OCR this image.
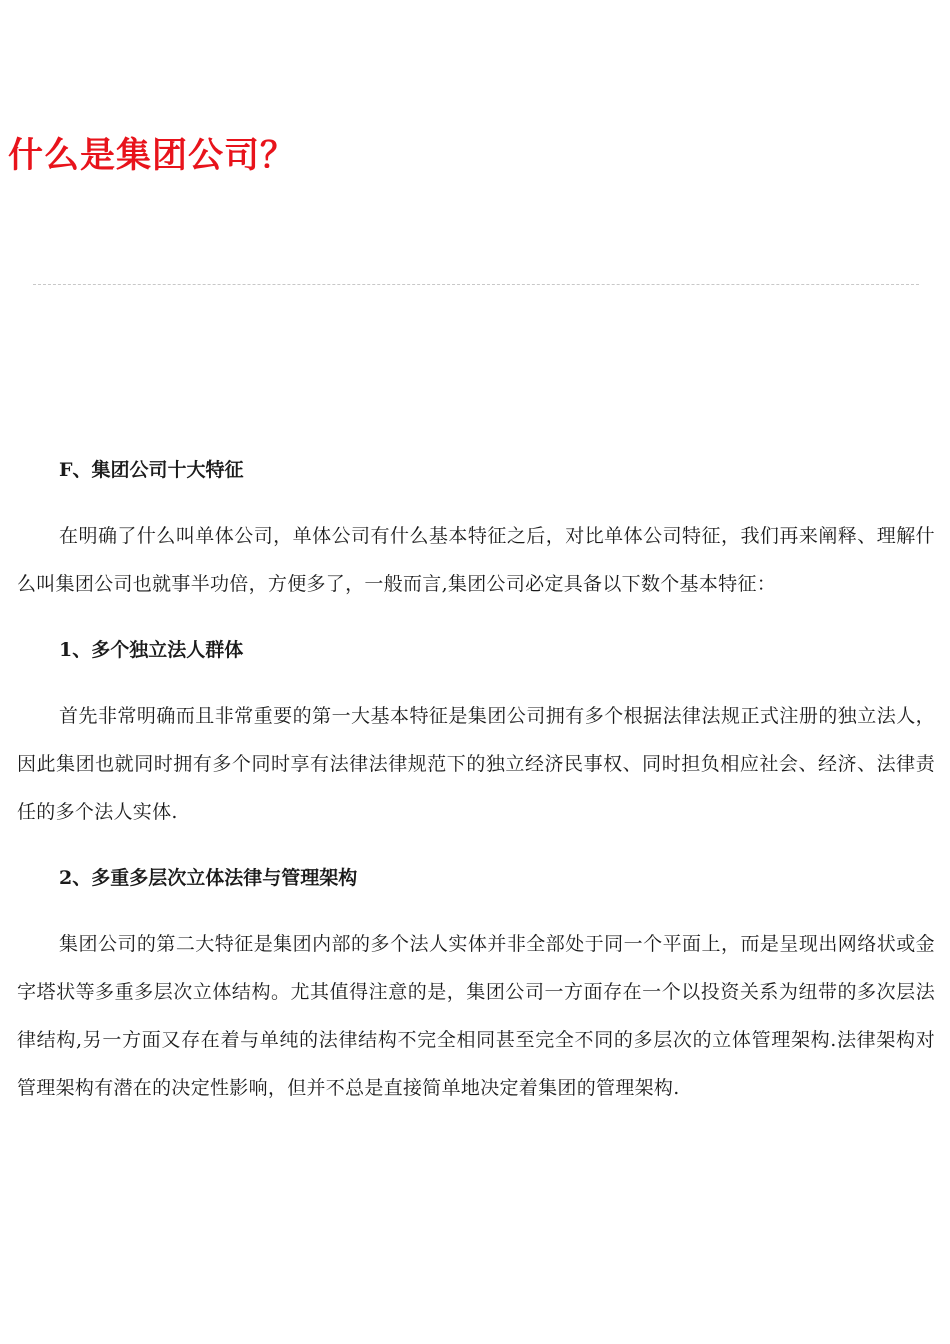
什么是集团公司？

F、集团公司十大特征

在明确了什么叫单体公司，单体公司有什么基本特征之后，对比单体公司特征，我们再来阐释、理解什么叫集团公司也就事半功倍，方便多了，一般而言,集团公司必定具备以下数个基本特征：

1、多个独立法人群体

首先非常明确而且非常重要的第一大基本特征是集团公司拥有多个根据法律法规正式注册的独立法人，因此集团也就同时拥有多个同时享有法律法律规范下的独立经济民事权、同时担负相应社会、经济、法律责任的多个法人实体.

2、多重多层次立体法律与管理架构

集团公司的第二大特征是集团内部的多个法人实体并非全部处于同一个平面上，而是呈现出网络状或金字塔状等多重多层次立体结构。尤其值得注意的是，集团公司一方面存在一个以投资关系为纽带的多次层法律结构,另一方面又存在着与单纯的法律结构不完全相同甚至完全不同的多层次的立体管理架构.法律架构对管理架构有潜在的决定性影响，但并不总是直接简单地决定着集团的管理架构.
